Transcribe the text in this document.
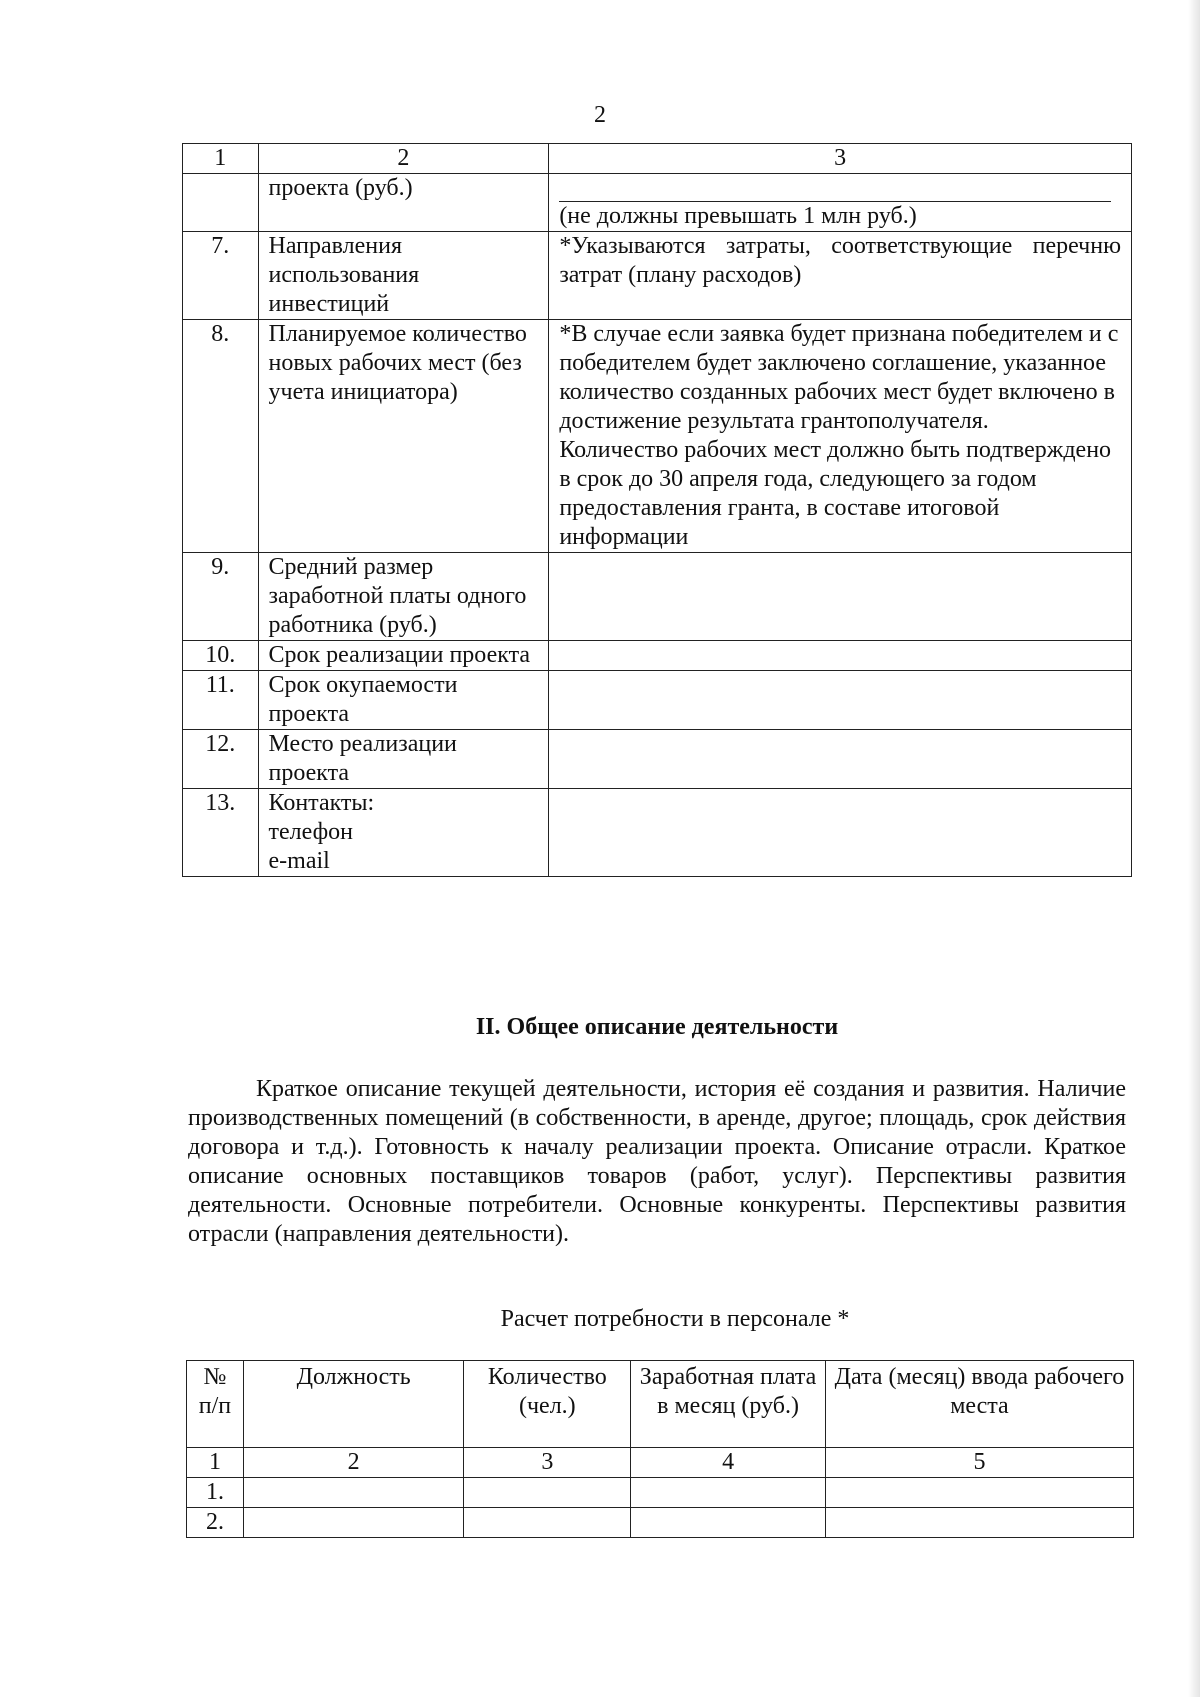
2
1	2	3
	проекта (руб.)	(не должны превышать 1 млн руб.)

7.	Направления использования инвестиций	*Указываются затраты, соответствующие перечню затрат (плану расходов)
8.	Планируемое количество новых рабочих мест (без учета инициатора)	*В случае если заявка будет признана победителем и с победителем будет заключено соглашение, указанное количество созданных рабочих мест будет включено в достижение результата грантополучателя.
Количество рабочих мест должно быть подтверждено в срок до 30 апреля года, следующего за годом предоставления гранта, в составе итоговой информации

9.	Средний размер заработной платы одного работника (руб.)	
10.	Срок реализации проекта	
11.	Срок окупаемости проекта	
12.	Место реализации проекта	
13.	Контакты:
телефон
e-mail	

II. Общее описание деятельности

Краткое описание текущей деятельности, история её создания и развития. Наличие производственных помещений (в собственности, в аренде, другое; площадь, срок действия договора и т.д.). Готовность к началу реализации проекта. Описание отрасли. Краткое описание основных поставщиков товаров (работ, услуг). Перспективы развития деятельности. Основные потребители. Основные конкуренты. Перспективы развития отрасли (направления деятельности).

Расчет потребности в персонале *
№ п/п	Должность	Количество (чел.)	Заработная плата в месяц (руб.)	Дата (месяц) ввода рабочего места
1	2	3	4	5
1.				
2.				
